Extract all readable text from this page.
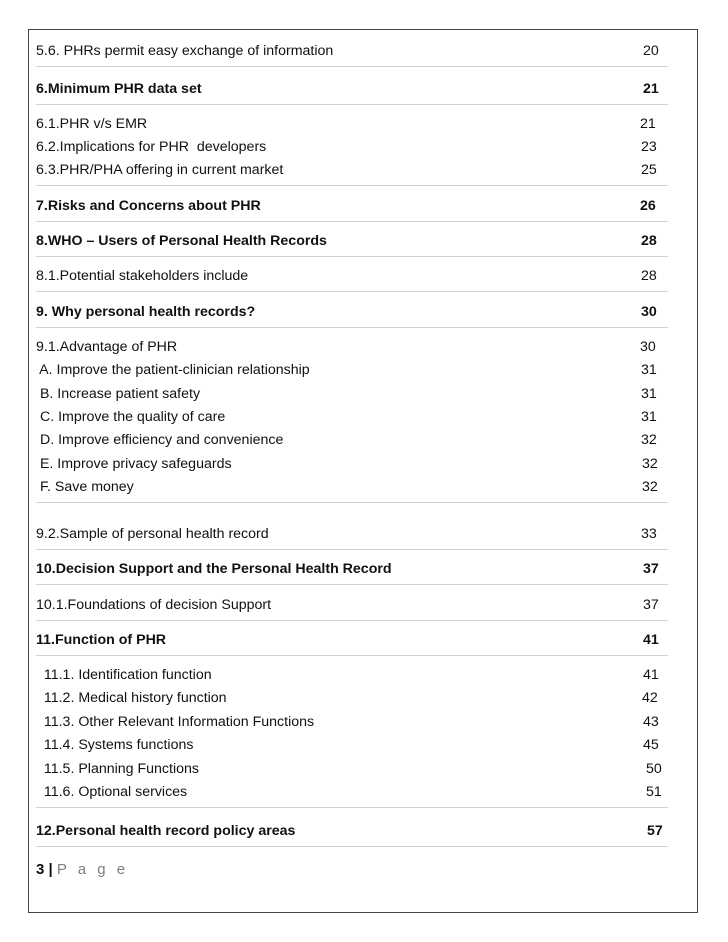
5.6. PHRs permit easy exchange of information	20
6.Minimum PHR data set	21
6.1.PHR v/s EMR	21
6.2.Implications for PHR  developers	23
6.3.PHR/PHA offering in current market	25
7.Risks and Concerns about PHR	26
8.WHO – Users of Personal Health Records	28
8.1.Potential stakeholders include	28
9. Why personal health records?	30
9.1.Advantage of PHR	30
A. Improve the patient-clinician relationship	31
B. Increase patient safety	31
C. Improve the quality of care	31
D. Improve efficiency and convenience	32
E. Improve privacy safeguards	32
F. Save money	32
9.2.Sample of personal health record	33
10.Decision Support and the Personal Health Record	37
10.1.Foundations of decision Support	37
11.Function of PHR	41
11.1. Identification function	41
11.2. Medical history function	42
11.3. Other Relevant Information Functions	43
11.4. Systems functions	45
11.5. Planning Functions	50
11.6. Optional services	51
12.Personal health record policy areas	57
3 | P a g e
